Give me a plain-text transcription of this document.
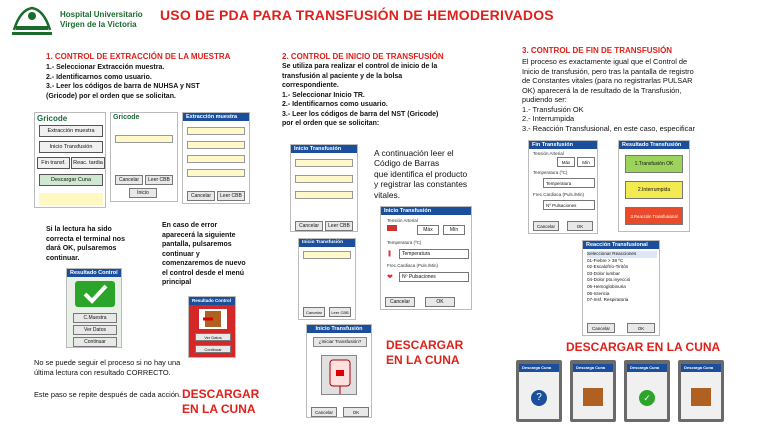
Hospital Universitario
Virgen de la Victoria
USO DE PDA PARA TRANSFUSIÓN DE HEMODERIVADOS
1. CONTROL DE EXTRACCIÓN DE LA MUESTRA
1.- Seleccionar Extracción muestra.
2.- Identificarnos como usuario.
3.- Leer los códigos de barra de NUHSA y NST
(Gricode) por el orden que se solicitan.
Gricode
Extracción muestra
Inicio Transfusión
Fin transf.	Reac. tardia
Descargar Cuna
Gricode
Cancelar	Leer CBB
Inicio
Extracción muestra
Cancelar	Leer CBB
Si la lectura ha sido correcta el terminal nos dará OK, pulsaremos continuar.
Resultado Control
C.Muestra
Ver Datos
Continuar
En caso de error aparecerá la siguiente pantalla, pulsaremos continuar y comenzaremos de nuevo el control desde el menú principal
Resultado Control
Ver Datos
Continuar
No se puede seguir el proceso si no hay una última lectura con resultado CORRECTO.
Este paso se repite después de cada acción. DESCARGAR EN LA CUNA
2. CONTROL DE INICIO DE TRANSFUSIÓN
Se utiliza para realizar el control de inicio de la
transfusión al paciente y de la bolsa
correspondiente.
1.- Seleccionar Inicio TR.
2.- Identificarnos como usuario.
3.- Leer los códigos de barra del NST (Gricode)
por el orden que se solicitan:
Inicio Transfusión
Cancelar	Leer CBB
A continuación leer el
Código de Barras
que identifica el producto
y registrar las constantes
vitales.
Inicio Transfusión
Cancelar	Leer CBB
Inicio Transfusión
Tensión Arterial
Máx	Mín
Temperatura (ºC)
❚	Temperatura
Frec.Cardiaca (Puls./Min)
❤	Nº Pulsaciones
Cancelar	OK
Inicio Transfusión
¿Iniciar Transfusión?
Cancelar	OK
DESCARGAR EN LA CUNA
3. CONTROL DE FIN DE TRANSFUSIÓN
El proceso es exactamente igual que el Control de
Inicio de transfusión, pero tras la pantalla de registro
de Constantes vitales (para no registrarlas PULSAR
OK) aparecerá la de resultado de la Transfusión,
pudiendo ser:
1.- Transfusión OK
2.- Interrumpida
3.- Reacción Transfusional, en este caso, especificar
Fin Transfusión
Tensión Arterial
Máx	Mín
Temperatura (ºC)
Temperatura
Frec.Cardiaca (Puls./Min)
Nº Pulsaciones
Cancelar	OK
Resultado Transfusión
1.Transfusión OK
2.Interrumpida
3.Reacción Transfusional
Reacción Transfusional
Seleccionar Reacciones
01-Fiebre > 38 ºC
02-Escalofrío-Tiritón
03-Dolor lumbar
04-Dolor pto.inyecció
05-Hemoglobinuria
06-Ictericia
07-Insf. Respiratoria
Cancelar	OK
DESCARGAR EN LA CUNA
Descarga Cuna
?
Descarga Cuna	Descarga Cuna
✓
Descarga Cuna
